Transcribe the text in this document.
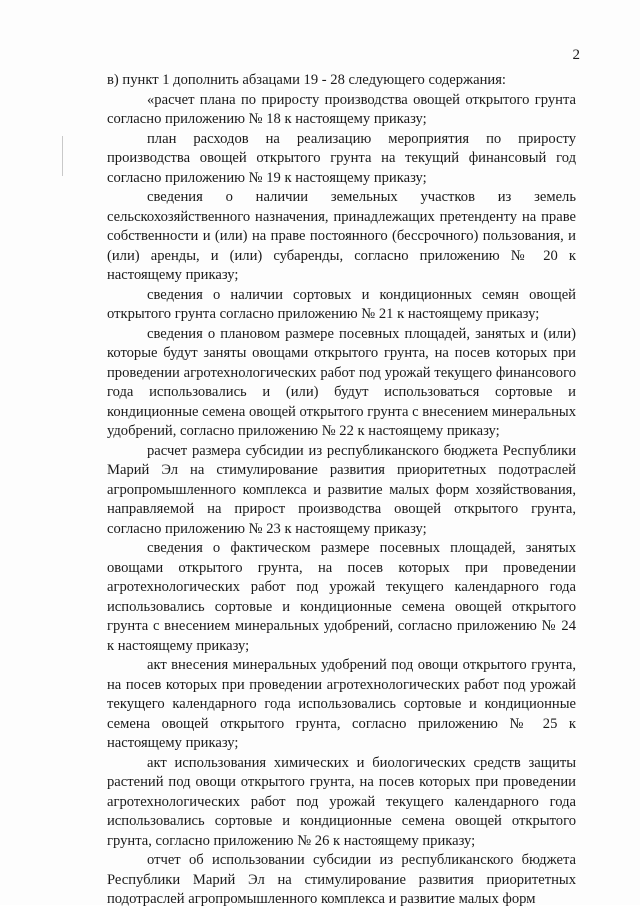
2

в) пункт 1 дополнить абзацами 19 - 28 следующего содержания:

«расчет плана по приросту производства овощей открытого грунта согласно приложению № 18 к настоящему приказу;

план расходов на реализацию мероприятия по приросту производства овощей открытого грунта на текущий финансовый год согласно приложению № 19 к настоящему приказу;

сведения о наличии земельных участков из земель сельскохозяйственного назначения, принадлежащих претенденту на праве собственности и (или) на праве постоянного (бессрочного) пользования, и (или) аренды, и (или) субаренды, согласно приложению № 20 к настоящему приказу;

сведения о наличии сортовых и кондиционных семян овощей открытого грунта согласно приложению № 21 к настоящему приказу;

сведения о плановом размере посевных площадей, занятых и (или) которые будут заняты овощами открытого грунта, на посев которых при проведении агротехнологических работ под урожай текущего финансового года использовались и (или) будут использоваться сортовые и кондиционные семена овощей открытого грунта с внесением минеральных удобрений, согласно приложению № 22 к настоящему приказу;

расчет размера субсидии из республиканского бюджета Республики Марий Эл на стимулирование развития приоритетных подотраслей агропромышленного комплекса и развитие малых форм хозяйствования, направляемой на прирост производства овощей открытого грунта, согласно приложению № 23 к настоящему приказу;

сведения о фактическом размере посевных площадей, занятых овощами открытого грунта, на посев которых при проведении агротехнологических работ под урожай текущего календарного года использовались сортовые и кондиционные семена овощей открытого грунта с внесением минеральных удобрений, согласно приложению № 24 к настоящему приказу;

акт внесения минеральных удобрений под овощи открытого грунта, на посев которых при проведении агротехнологических работ под урожай текущего календарного года использовались сортовые и кондиционные семена овощей открытого грунта, согласно приложению № 25 к настоящему приказу;

акт использования химических и биологических средств защиты растений под овощи открытого грунта, на посев которых при проведении агротехнологических работ под урожай текущего календарного года использовались сортовые и кондиционные семена овощей открытого грунта, согласно приложению № 26 к настоящему приказу;

отчет об использовании субсидии из республиканского бюджета Республики Марий Эл на стимулирование развития приоритетных подотраслей агропромышленного комплекса и развитие малых форм
